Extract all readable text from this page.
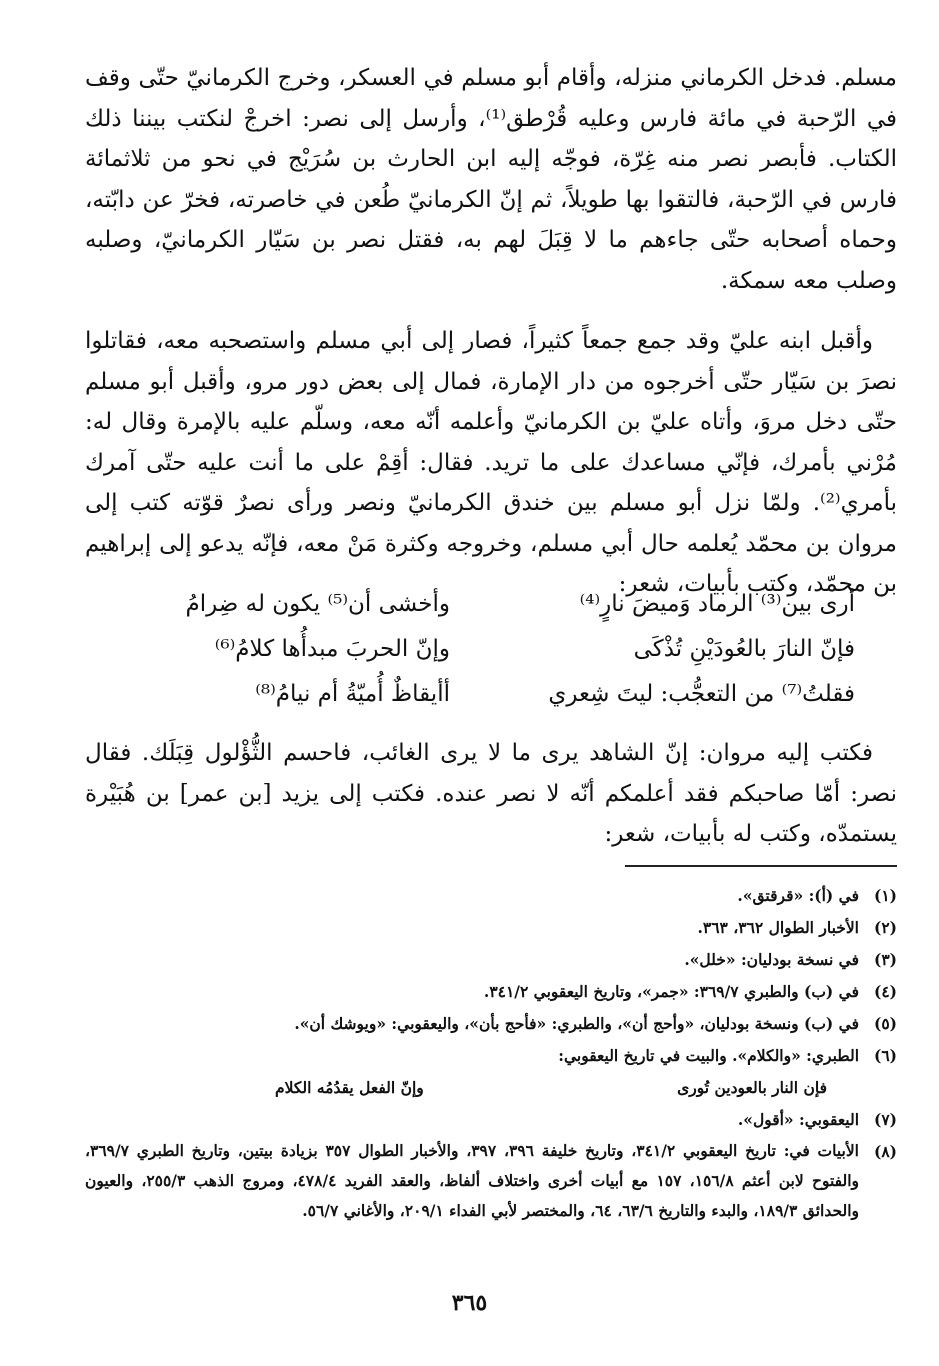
مسلم. فدخل الكرماني منزله، وأقام أبو مسلم في العسكر، وخرج الكرمانيّ حتّى وقف في الرّحبة في مائة فارس وعليه قُرْطق⁽¹⁾، وأرسل إلى نصر: اخرجْ لنكتب بيننا ذلك الكتاب. فأبصر نصر منه غِرّة، فوجّه إليه ابن الحارث بن سُرَيْج في نحو من ثلاثمائة فارس في الرّحبة، فالتقوا بها طويلاً، ثم إنّ الكرمانيّ طُعن في خاصرته، فخرّ عن دابّته، وحماه أصحابه حتّى جاءهم ما لا قِبَلَ لهم به، فقتل نصر بن سَيّار الكرمانيّ، وصلبه وصلب معه سمكة.

وأقبل ابنه عليّ وقد جمع جمعاً كثيراً، فصار إلى أبي مسلم واستصحبه معه، فقاتلوا نصرَ بن سَيّار حتّى أخرجوه من دار الإمارة، فمال إلى بعض دور مرو، وأقبل أبو مسلم حتّى دخل مروَ، وأتاه عليّ بن الكرمانيّ وأعلمه أنّه معه، وسلّم عليه بالإمرة وقال له: مُرْني بأمرك، فإنّي مساعدك على ما تريد. فقال: أقِمْ على ما أنت عليه حتّى آمرك بأمري⁽²⁾. ولمّا نزل أبو مسلم بين خندق الكرمانيّ ونصر ورأى نصرٌ قوّته كتب إلى مروان بن محمّد يُعلمه حال أبي مسلم، وخروجه وكثرة مَنْ معه، فإنّه يدعو إلى إبراهيم بن محمّد، وكتب بأبيات، شعر:

أرى بين⁽³⁾ الرماد وَميضَ نارٍ⁽⁴⁾
وأخشى أن⁽⁵⁾ يكون له ضِرامُ
فإنّ النارَ بالعُودَيْنِ تُذْكَى
وإنّ الحربَ مبدأُها كلامُ⁽⁶⁾
فقلتُ⁽⁷⁾ من التعجُّب: ليتَ شِعري
أأيقاظٌ أُميّةُ أم نيامُ⁽⁸⁾

فكتب إليه مروان: إنّ الشاهد يرى ما لا يرى الغائب، فاحسم الثُّؤْلول قِبَلَك. فقال نصر: أمّا صاحبكم فقد أعلمكم أنّه لا نصر عنده. فكتب إلى يزيد [بن عمر] بن هُبَيْرة يستمدّه، وكتب له بأبيات، شعر:

(١)
في (أ): «قرقتق».
(٢)
الأخبار الطوال ٣٦٢، ٣٦٣.
(٣)
في نسخة بودليان: «خلل».
(٤)
في (ب) والطبري ٣٦٩/٧: «جمر»، وتاريخ اليعقوبي ٣٤١/٢.
(٥)
في (ب) ونسخة بودليان، «وأحج أن»، والطبري: «فأحج بأن»، واليعقوبي: «ويوشك أن».
(٦)
الطبري: «والكلام». والبيت في تاريخ اليعقوبي:
فإن النار بالعودين تُورى
وإنّ الفعل يقدُمُه الكلام
(٧)
اليعقوبي: «أقول».
(٨)
الأبيات في: تاريخ اليعقوبي ٣٤١/٢، وتاريخ خليفة ٣٩٦، ٣٩٧، والأخبار الطوال ٣٥٧ بزيادة بيتين، وتاريخ الطبري ٣٦٩/٧، والفتوح لابن أعثم ١٥٦/٨، ١٥٧ مع أبيات أخرى واختلاف ألفاظ، والعقد الفريد ٤٧٨/٤، ومروج الذهب ٢٥٥/٣، والعيون والحدائق ١٨٩/٣، والبدء والتاريخ ٦٣/٦، ٦٤، والمختصر لأبي الفداء ٢٠٩/١، والأغاني ٥٦/٧.
٣٦٥
